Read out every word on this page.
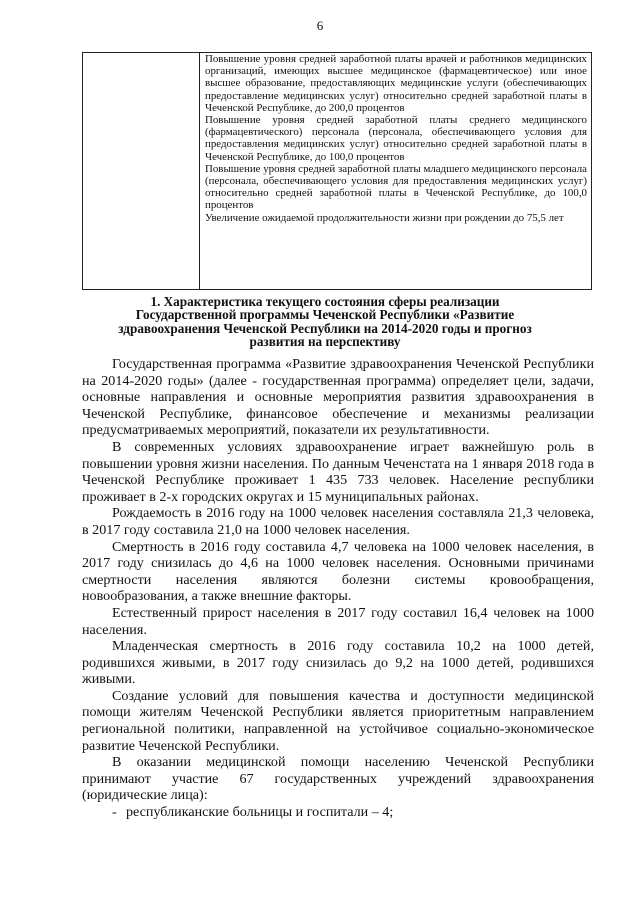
6

Повышение уровня средней заработной платы врачей и работников медицинских организаций, имеющих высшее медицинское (фармацевтическое) или иное высшее образование, предоставляющих медицинские услуги (обеспечивающих предоставление медицинских услуг) относительно средней заработной платы в Чеченской Республике, до 200,0 процентов

Повышение уровня средней заработной платы среднего медицинского (фармацевтического) персонала (персонала, обеспечивающего условия для предоставления медицинских услуг) относительно средней заработной платы в Чеченской Республике, до 100,0 процентов

Повышение уровня средней заработной платы младшего медицинского персонала (персонала, обеспечивающего условия для предоставления медицинских услуг) относительно средней заработной платы в Чеченской Республике, до 100,0 процентов

Увеличение ожидаемой продолжительности жизни при рождении до 75,5 лет

1. Характеристика текущего состояния сферы реализации Государственной программы Чеченской Республики «Развитие здравоохранения Чеченской Республики на 2014-2020 годы и прогноз развития на перспективу

Государственная программа «Развитие здравоохранения Чеченской Республики на 2014-2020 годы» (далее - государственная программа) определяет цели, задачи, основные направления и основные мероприятия развития здравоохранения в Чеченской Республике, финансовое обеспечение и механизмы реализации предусматриваемых мероприятий, показатели их результативности.

В современных условиях здравоохранение играет важнейшую роль в повышении уровня жизни населения. По данным Чеченстата на 1 января 2018 года в Чеченской Республике проживает 1 435 733 человек. Население республики проживает в 2-х городских округах и 15 муниципальных районах.

Рождаемость в 2016 году на 1000 человек населения составляла 21,3 человека, в 2017 году составила 21,0 на 1000 человек населения.

Смертность в 2016 году составила 4,7 человека на 1000 человек населения, в 2017 году снизилась до 4,6 на 1000 человек населения. Основными причинами смертности населения являются болезни системы кровообращения, новообразования, а также внешние факторы.

Естественный прирост населения в 2017 году составил 16,4 человек на 1000 населения.

Младенческая смертность в 2016 году составила 10,2 на 1000 детей, родившихся живыми, в 2017 году снизилась до 9,2 на 1000 детей, родившихся живыми.

Создание условий для повышения качества и доступности медицинской помощи жителям Чеченской Республики является приоритетным направлением региональной политики, направленной на устойчивое социально-экономическое развитие Чеченской Республики.

В оказании медицинской помощи населению Чеченской Республики принимают участие 67 государственных учреждений здравоохранения (юридические лица):

- республиканские больницы и госпитали – 4;
